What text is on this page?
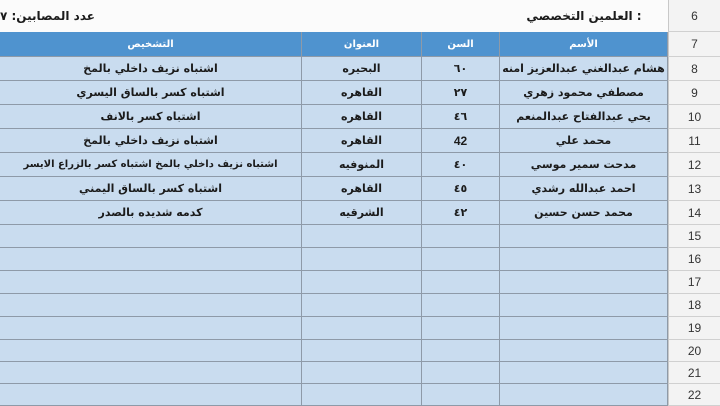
عدد المصابين: ٧	: العلمين التخصصي	6
التشخيص	العنوان	السن	الأسم	7
اشتباه نزيف داخلي بالمخ	البحيره	٦٠	هشام عبدالغني عبدالعزيز امنه	8
اشتباه كسر بالساق اليسري	القاهره	٢٧	مصطفي محمود زهري	9
اشتباه كسر بالانف	القاهره	٤٦	يحي عبدالفتاح عبدالمنعم	10
اشتباه نزيف داخلي بالمخ	القاهره	42	محمد علي	11
اشتباه نزيف داخلي بالمخ اشتباه كسر بالزراع الايسر	المنوفيه	٤٠	مدحت سمير موسي	12
اشتباه كسر بالساق اليمني	القاهره	٤٥	احمد عبدالله رشدي	13
كدمه شديده بالصدر	الشرقيه	٤٢	محمد حسن حسين	14
15
16
17
18
19
20
21
22
